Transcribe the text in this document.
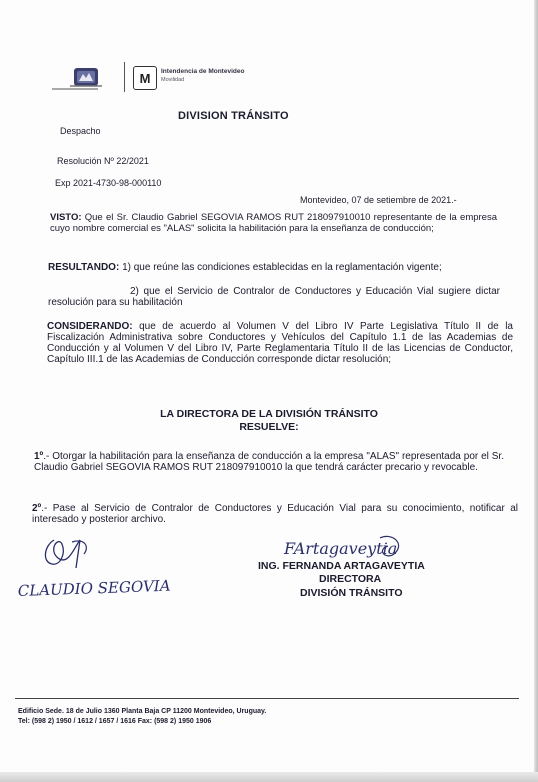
M	Intendencia de Montevideo
Movilidad
DIVISION TRÁNSITO
Despacho
Resolución Nº 22/2021
Exp 2021-4730-98-000110
Montevideo, 07 de setiembre de 2021.-
VISTO: Que el Sr. Claudio Gabriel SEGOVIA RAMOS RUT 218097910010 representante de la empresa cuyo nombre comercial es "ALAS" solicita la habilitación para la enseñanza de conducción;
RESULTANDO: 1) que reúne las condiciones establecidas en la reglamentación vigente;
2) que el Servicio de Contralor de Conductores y Educación Vial sugiere dictar resolución para su habilitación
CONSIDERANDO: que de acuerdo al Volumen V del Libro IV Parte Legislativa Título II de la Fiscalización Administrativa sobre Conductores y Vehículos del Capítulo 1.1 de las Academias de Conducción y al Volumen V del Libro IV, Parte Reglamentaria Título II de las Licencias de Conductor, Capítulo III.1 de las Academias de Conducción corresponde dictar resolución;
LA DIRECTORA DE LA DIVISIÓN TRÁNSITO
RESUELVE:
1º.- Otorgar la habilitación para la enseñanza de conducción a la empresa "ALAS" representada por el Sr. Claudio Gabriel SEGOVIA RAMOS RUT 218097910010 la que tendrá carácter precario y revocable.
2º.- Pase al Servicio de Contralor de Conductores y Educación Vial para su conocimiento, notificar al interesado y posterior archivo.
CLAUDIO SEGOVIA
FArtagaveytia
ING. FERNANDA ARTAGAVEYTIA
DIRECTORA
DIVISIÓN TRÁNSITO
Edificio Sede. 18 de Julio 1360 Planta Baja CP 11200 Montevideo, Uruguay.
Tel: (598 2) 1950 / 1612 / 1657 / 1616 Fax: (598 2) 1950 1906
